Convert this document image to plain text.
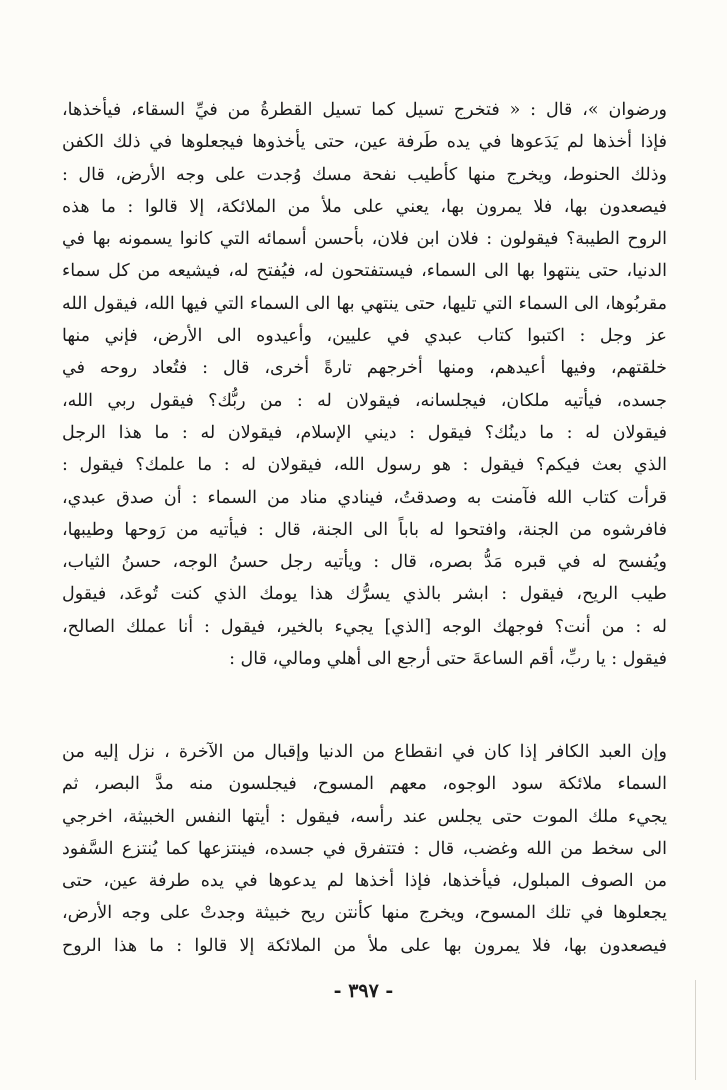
ورضوان »، قال : « فتخرج تسيل كما تسيل القطرةُ من فيِّ السقاء، فيأخذها،
فإذا أخذها لم يَدَعوها في يده طَرفة عين، حتى يأخذوها فيجعلوها في ذلك الكفن
وذلك الحنوط، ويخرج منها كأطيب نفحة مسك وُجدت على وجه الأرض، قال :
فيصعدون بها، فلا يمرون بها، يعني على ملأ من الملائكة، إلا قالوا : ما هذه
الروح الطيبة؟ فيقولون : فلان ابن فلان، بأحسن أسمائه التي كانوا يسمونه بها في
الدنيا، حتى ينتهوا بها الى السماء، فيستفتحون له، فيُفتح له، فيشيعه من كل سماء
مقربُوها، الى السماء التي تليها، حتى ينتهي بها الى السماء التي فيها الله، فيقول الله
عز وجل : اكتبوا كتاب عبدي في عليين، وأعيدوه الى الأرض، فإني منها
خلقتهم، وفيها أعيدهم، ومنها أخرجهم تارةً أخرى، قال : فتُعاد روحه في
جسده، فيأتيه ملكان، فيجلسانه، فيقولان له : من ربُّك؟ فيقول ربي الله،
فيقولان له : ما دينُك؟ فيقول : ديني الإسلام، فيقولان له : ما هذا الرجل
الذي بعث فيكم؟ فيقول : هو رسول الله، فيقولان له : ما علمك؟ فيقول :
قرأت كتاب الله فآمنت به وصدقتُ، فينادي مناد من السماء : أن صدق عبدي،
فافرشوه من الجنة، وافتحوا له باباً الى الجنة، قال : فيأتيه من رَوحها وطيبها،
ويُفسح له في قبره مَدُّ بصره، قال : ويأتيه رجل حسنُ الوجه، حسنُ الثياب،
طيب الريح، فيقول : ابشر بالذي يسرُّك هذا يومك الذي كنت تُوعَد، فيقول
له : من أنت؟ فوجهك الوجه [الذي] يجيء بالخير، فيقول : أنا عملك الصالح،
فيقول : يا ربِّ، أقم الساعةَ حتى أرجع الى أهلي ومالي، قال :
وإن العبد الكافر إذا كان في انقطاع من الدنيا وإقبال من الآخرة ، نزل إليه من
السماء ملائكة سود الوجوه، معهم المسوح، فيجلسون منه مدَّ البصر، ثم
يجيء ملك الموت حتى يجلس عند رأسه، فيقول : أيتها النفس الخبيثة، اخرجي
الى سخط من الله وغضب، قال : فتتفرق في جسده، فينتزعها كما يُنتزع السَّفود
من الصوف المبلول، فيأخذها، فإذا أخذها لم يدعوها في يده طرفة عين، حتى
يجعلوها في تلك المسوح، ويخرج منها كأنتن ريح خبيثة وجدتْ على وجه الأرض،
فيصعدون بها، فلا يمرون بها على ملأ من الملائكة إلا قالوا : ما هذا الروح
- ٣٩٧ -
